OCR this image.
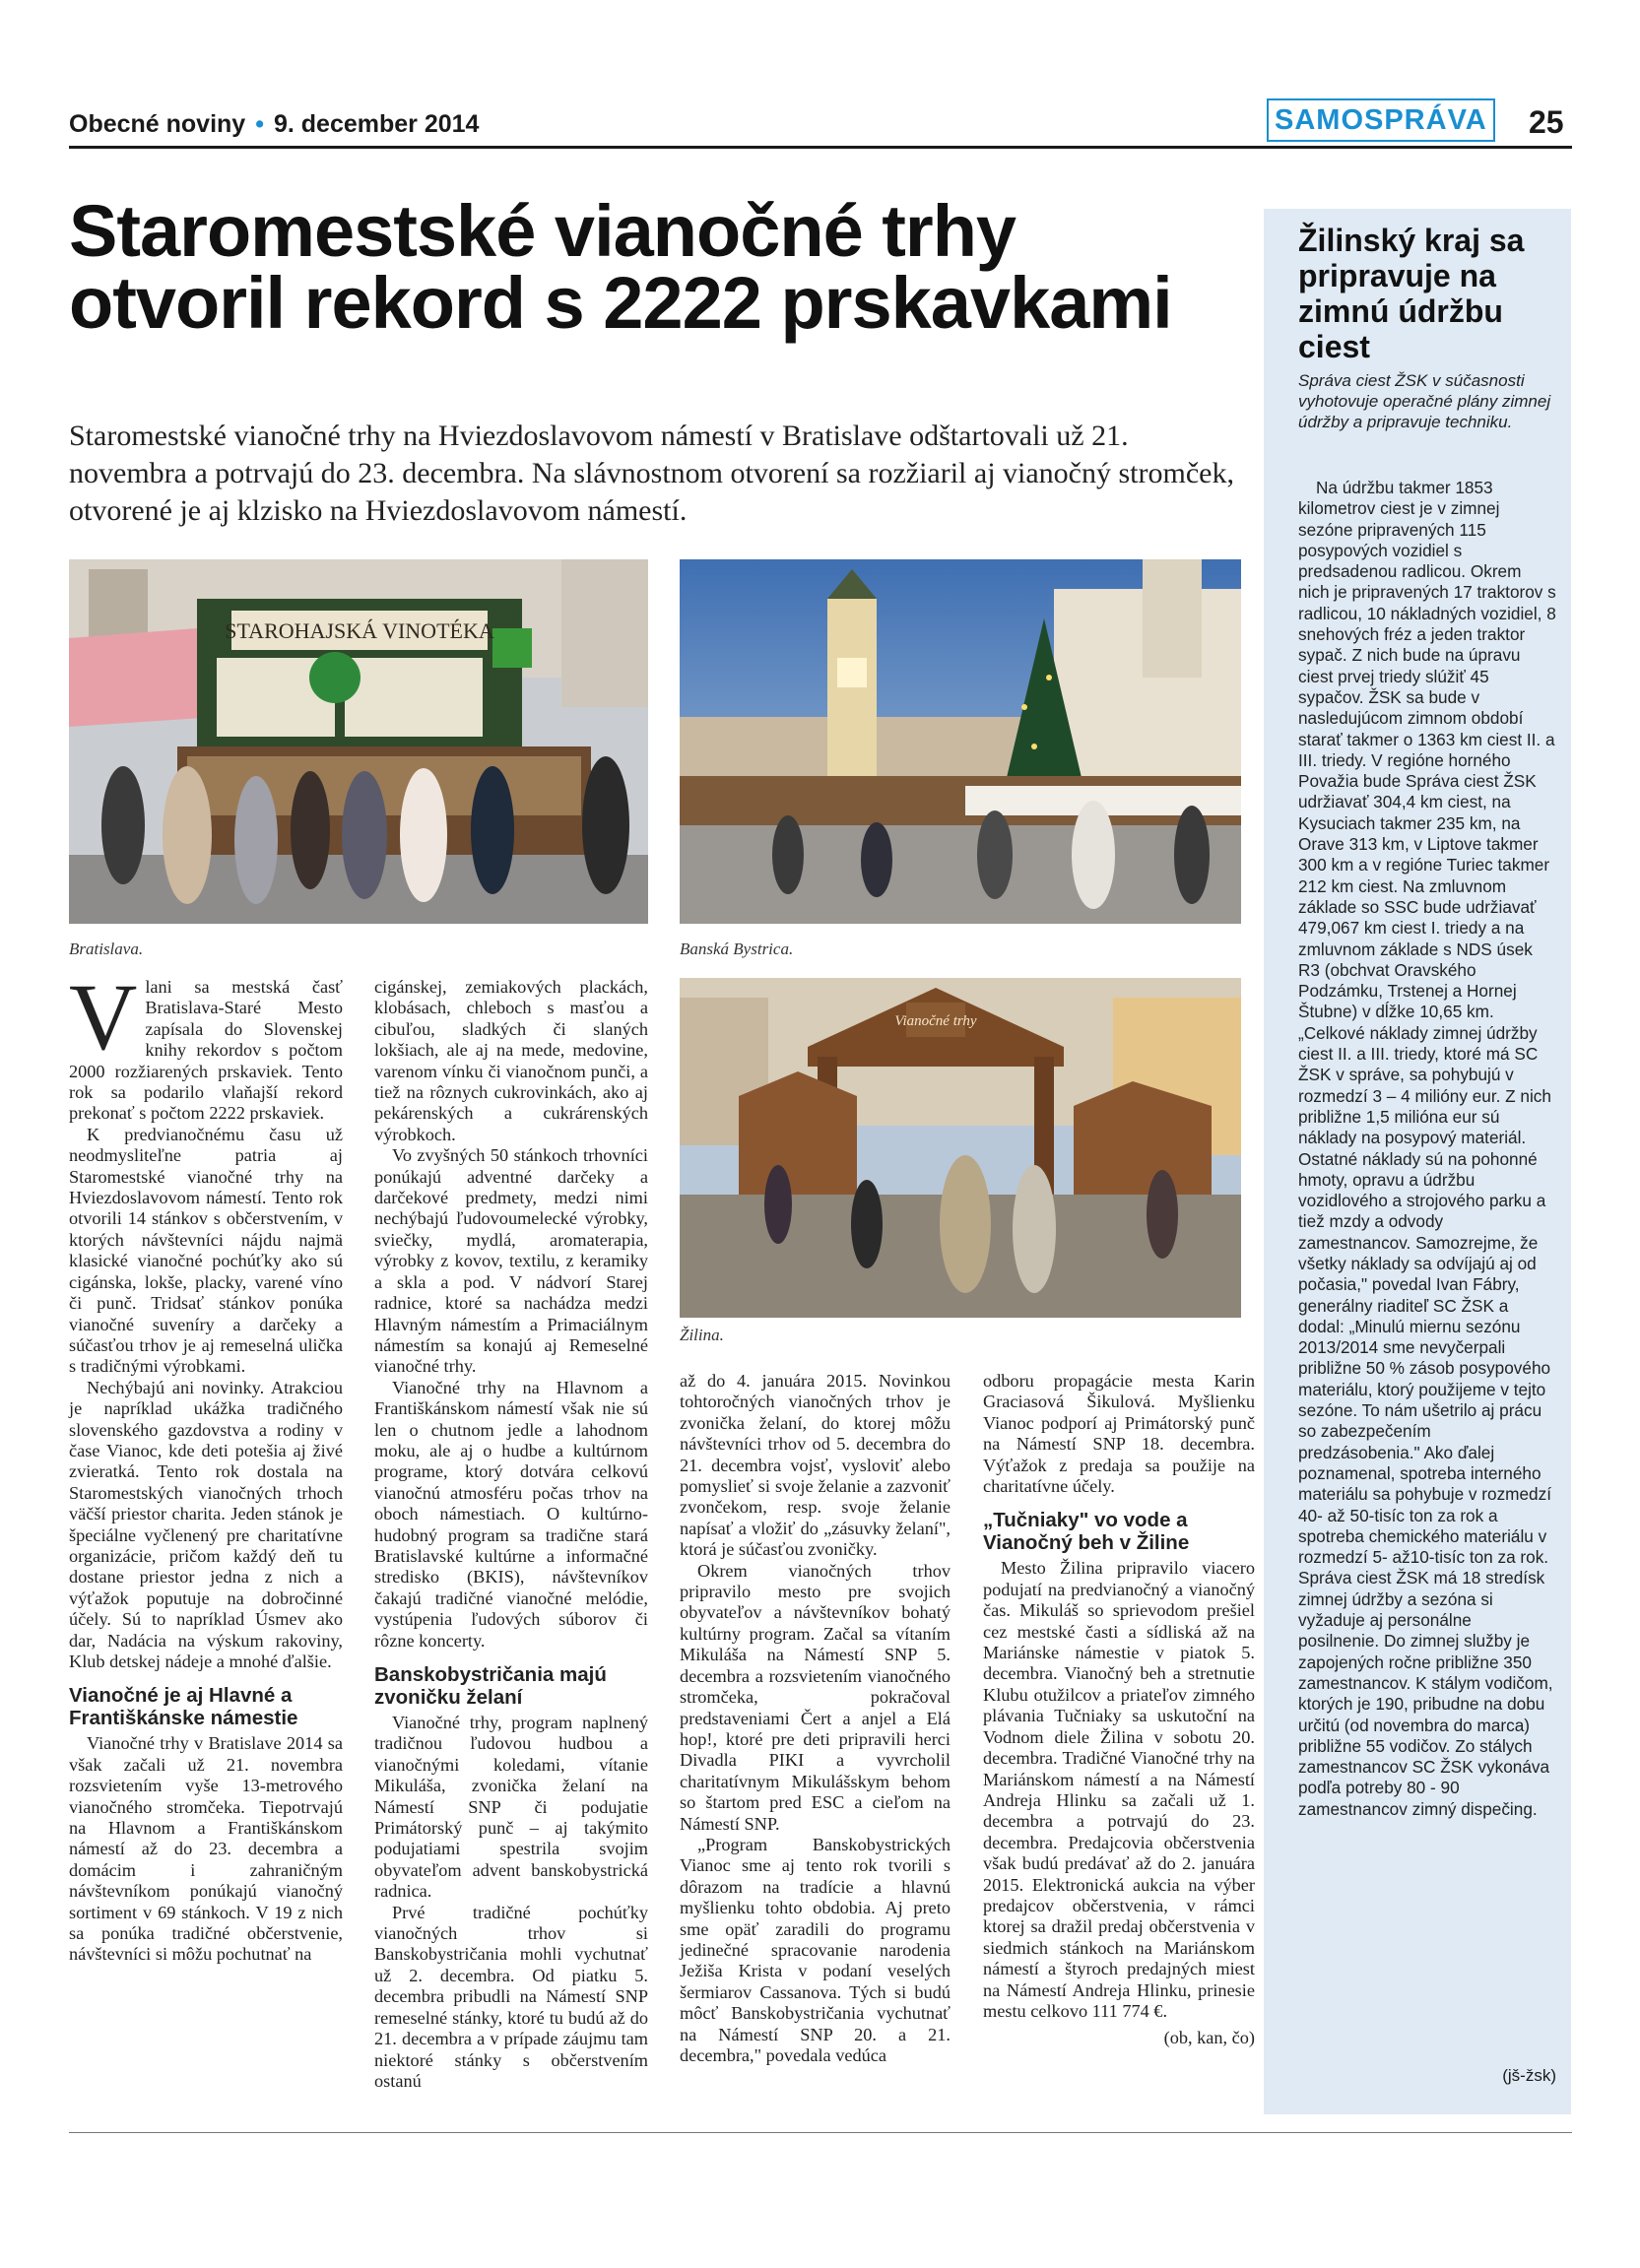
Obecné noviny • 9. december 2014	SAMOSPRÁVA 25
Staromestské vianočné trhy otvoril rekord s 2222 prskavkami
Staromestské vianočné trhy na Hviezdoslavovom námestí v Bratislave odštartovali už 21. novembra a potrvajú do 23. decembra. Na slávnostnom otvorení sa rozžiaril aj vianočný stromček, otvorené je aj klzisko na Hviezdoslavovom námestí.
STAROHAJSKÁ VINOTÉKA
Bratislava.	Banská Bystrica.
Vianočné trhy
Žilina.

Vlani sa mestská časť Bratislava-Staré Mesto zapísala do Slovenskej knihy rekordov s počtom 2000 rozžiarených prskaviek. Tento rok sa podarilo vlaňajší rekord prekonať s počtom 2222 prskaviek.

K predvianočnému času už neodmysliteľne patria aj Staromestské vianočné trhy na Hviezdoslavovom námestí. Tento rok otvorili 14 stánkov s občerstvením, v ktorých návštevníci nájdu najmä klasické vianočné pochúťky ako sú cigánska, lokše, placky, varené víno či punč. Tridsať stánkov ponúka vianočné suveníry a darčeky a súčasťou trhov je aj remeselná ulička s tradičnými výrobkami.

Nechýbajú ani novinky. Atrakciou je napríklad ukážka tradičného slovenského gazdovstva a rodiny v čase Vianoc, kde deti potešia aj živé zvieratká. Tento rok dostala na Staromestských vianočných trhoch väčší priestor charita. Jeden stánok je špeciálne vyčlenený pre charitatívne organizácie, pričom každý deň tu dostane priestor jedna z nich a výťažok poputuje na dobročinné účely. Sú to napríklad Úsmev ako dar, Nadácia na výskum rakoviny, Klub detskej nádeje a mnohé ďalšie.

Vianočné je aj Hlavné a Františkánske námestie

Vianočné trhy v Bratislave 2014 sa však začali už 21. novembra rozsvietením vyše 13-metrového vianočného stromčeka. Tiepotrvajú na Hlavnom a Františkánskom námestí až do 23. decembra a domácim i zahraničným návštevníkom ponúkajú vianočný sortiment v 69 stánkoch. V 19 z nich sa ponúka tradičné občerstvenie, návštevníci si môžu pochutnať na

cigánskej, zemiakových plackách, klobásach, chleboch s masťou a cibuľou, sladkých či slaných lokšiach, ale aj na mede, medovine, varenom vínku či vianočnom punči, a tiež na rôznych cukrovinkách, ako aj pekárenských a cukrárenských výrobkoch.

Vo zvyšných 50 stánkoch trhovníci ponúkajú adventné darčeky a darčekové predmety, medzi nimi nechýbajú ľudovoumelecké výrobky, sviečky, mydlá, aromaterapia, výrobky z kovov, textilu, z keramiky a skla a pod. V nádvorí Starej radnice, ktoré sa nachádza medzi Hlavným námestím a Primaciálnym námestím sa konajú aj Remeselné vianočné trhy.

Vianočné trhy na Hlavnom a Františkánskom námestí však nie sú len o chutnom jedle a lahodnom moku, ale aj o hudbe a kultúrnom programe, ktorý dotvára celkovú vianočnú atmosféru počas trhov na oboch námestiach. O kultúrno-hudobný program sa tradične stará Bratislavské kultúrne a informačné stredisko (BKIS), návštevníkov čakajú tradičné vianočné melódie, vystúpenia ľudových súborov či rôzne koncerty.

Banskobystričania majú zvoničku želaní

Vianočné trhy, program naplnený tradičnou ľudovou hudbou a vianočnými koledami, vítanie Mikuláša, zvonička želaní na Námestí SNP či podujatie Primátorský punč – aj takýmito podujatiami spestrila svojim obyvateľom advent banskobystrická radnica.

Prvé tradičné pochúťky vianočných trhov si Banskobystričania mohli vychutnať už 2. decembra. Od piatku 5. decembra pribudli na Námestí SNP remeselné stánky, ktoré tu budú až do 21. decembra a v prípade záujmu tam niektoré stánky s občerstvením ostanú

až do 4. januára 2015. Novinkou tohtoročných vianočných trhov je zvonička želaní, do ktorej môžu návštevníci trhov od 5. decembra do 21. decembra vojsť, vysloviť alebo pomyslieť si svoje želanie a zazvoniť zvončekom, resp. svoje želanie napísať a vložiť do „zásuvky želaní", ktorá je súčasťou zvoničky.

Okrem vianočných trhov pripravilo mesto pre svojich obyvateľov a návštevníkov bohatý kultúrny program. Začal sa vítaním Mikuláša na Námestí SNP 5. decembra a rozsvietením vianočného stromčeka, pokračoval predstaveniami Čert a anjel a Elá hop!, ktoré pre deti pripravili herci Divadla PIKI a vyvrcholil charitatívnym Mikulášskym behom so štartom pred ESC a cieľom na Námestí SNP.

„Program Banskobystrických Vianoc sme aj tento rok tvorili s dôrazom na tradície a hlavnú myšlienku tohto obdobia. Aj preto sme opäť zaradili do programu jedinečné spracovanie narodenia Ježiša Krista v podaní veselých šermiarov Cassanova. Tých si budú môcť Banskobystričania vychutnať na Námestí SNP 20. a 21. decembra," povedala vedúca

odboru propagácie mesta Karin Graciasová Šikulová. Myšlienku Vianoc podporí aj Primátorský punč na Námestí SNP 18. decembra. Výťažok z predaja sa použije na charitatívne účely.

„Tučniaky" vo vode a Vianočný beh v Žiline

Mesto Žilina pripravilo viacero podujatí na predvianočný a vianočný čas. Mikuláš so sprievodom prešiel cez mestské časti a sídliská až na Mariánske námestie v piatok 5. decembra. Vianočný beh a stretnutie Klubu otužilcov a priateľov zimného plávania Tučniaky sa uskutoční na Vodnom diele Žilina v sobotu 20. decembra. Tradičné Vianočné trhy na Mariánskom námestí a na Námestí Andreja Hlinku sa začali už 1. decembra a potrvajú do 23. decembra. Predajcovia občerstvenia však budú predávať až do 2. januára 2015. Elektronická aukcia na výber predajcov občerstvenia, v rámci ktorej sa dražil predaj občerstvenia v siedmich stánkoch na Mariánskom námestí a štyroch predajných miest na Námestí Andreja Hlinku, prinesie mestu celkovo 111 774 €.

(ob, kan, čo)
Žilinský kraj sa pripravuje na zimnú údržbu ciest
Správa ciest ŽSK v súčasnosti vyhotovuje operačné plány zimnej údržby a pripravuje techniku.
Na údržbu takmer 1853 kilometrov ciest je v zimnej sezóne pripravených 115 posypových vozidiel s predsadenou radlicou. Okrem nich je pripravených 17 traktorov s radlicou, 10 nákladných vozidiel, 8 snehových fréz a jeden traktor sypač. Z nich bude na úpravu ciest prvej triedy slúžiť 45 sypačov. ŽSK sa bude v nasledujúcom zimnom období starať takmer o 1363 km ciest II. a III. triedy. V regióne horného Považia bude Správa ciest ŽSK udržiavať 304,4 km ciest, na Kysuciach takmer 235 km, na Orave 313 km, v Liptove takmer 300 km a v regióne Turiec takmer 212 km ciest. Na zmluvnom základe so SSC bude udržiavať 479,067 km ciest I. triedy a na zmluvnom základe s NDS úsek R3 (obchvat Oravského Podzámku, Trstenej a Hornej Štubne) v dĺžke 10,65 km.
„Celkové náklady zimnej údržby ciest II. a III. triedy, ktoré má SC ŽSK v správe, sa pohybujú v rozmedzí 3 – 4 milióny eur. Z nich približne 1,5 milióna eur sú náklady na posypový materiál. Ostatné náklady sú na pohonné hmoty, opravu a údržbu vozidlového a strojového parku a tiež mzdy a odvody zamestnancov. Samozrejme, že všetky náklady sa odvíjajú aj od počasia," povedal Ivan Fábry, generálny riaditeľ SC ŽSK a dodal: „Minulú miernu sezónu 2013/2014 sme nevyčerpali približne 50 % zásob posypového materiálu, ktorý použijeme v tejto sezóne. To nám ušetrilo aj prácu so zabezpečením predzásobenia." Ako ďalej poznamenal, spotreba interného materiálu sa pohybuje v rozmedzí 40- až 50-tisíc ton za rok a spotreba chemického materiálu v rozmedzí 5- až10-tisíc ton za rok.
Správa ciest ŽSK má 18 stredísk zimnej údržby a sezóna si vyžaduje aj personálne posilnenie. Do zimnej služby je zapojených ročne približne 350 zamestnancov. K stálym vodičom, ktorých je 190, pribudne na dobu určitú (od novembra do marca) približne 55 vodičov. Zo stálych zamestnancov SC ŽSK vykonáva podľa potreby 80 - 90 zamestnancov zimný dispečing.
(jš-žsk)
